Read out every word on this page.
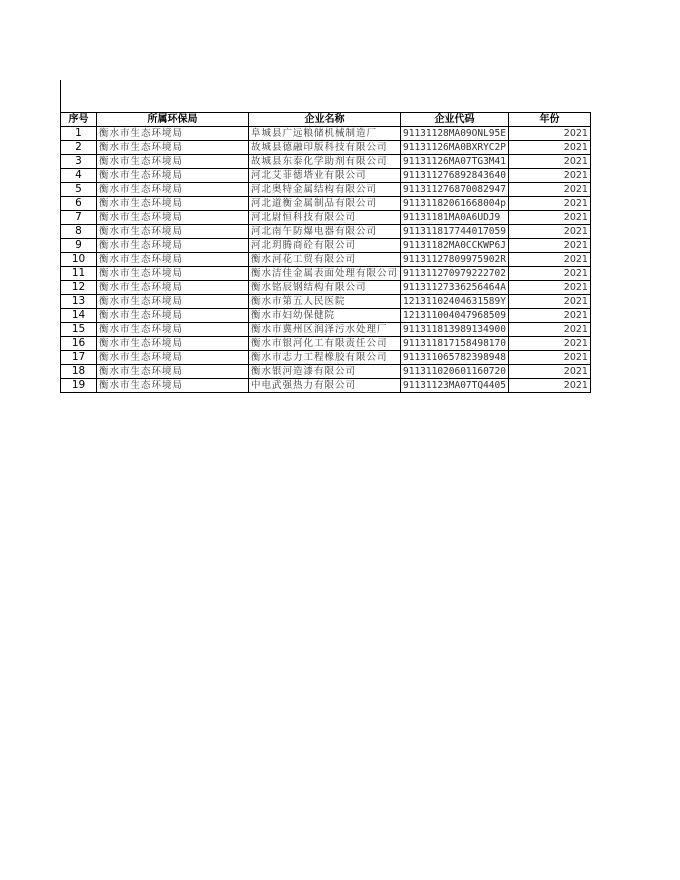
序号	所属环保局	企业名称	企业代码	年份
1	衡水市生态环境局	阜城县广远粮储机械制造厂	91131128MA09ONL95E	2021
2	衡水市生态环境局	故城县德融印版科技有限公司	91131126MA0BXRYC2P	2021
3	衡水市生态环境局	故城县东泰化学助剂有限公司	91131126MA07TG3M41	2021
4	衡水市生态环境局	河北艾菲德塔业有限公司	911311276892843640	2021
5	衡水市生态环境局	河北奥特金属结构有限公司	911311276870082947	2021
6	衡水市生态环境局	河北道衡金属制品有限公司	91131182061668004p	2021
7	衡水市生态环境局	河北尉恒科技有限公司	91131181MA0A6UDJ9	2021
8	衡水市生态环境局	河北南午防爆电器有限公司	911311817744017059	2021
9	衡水市生态环境局	河北玥腾商砼有限公司	91131182MA0CCKWP6J	2021
10	衡水市生态环境局	衡水河花工贸有限公司	91131127809975902R	2021
11	衡水市生态环境局	衡水洁佳金属表面处理有限公司	911311270979222702	2021
12	衡水市生态环境局	衡水铭辰钢结构有限公司	91131127336256464A	2021
13	衡水市生态环境局	衡水市第五人民医院	12131102404631589Y	2021
14	衡水市生态环境局	衡水市妇幼保健院	121311004047968509	2021
15	衡水市生态环境局	衡水市冀州区润泽污水处理厂	911311813989134900	2021
16	衡水市生态环境局	衡水市银河化工有限责任公司	911311817158498170	2021
17	衡水市生态环境局	衡水市志力工程橡胶有限公司	911311065782398948	2021
18	衡水市生态环境局	衡水银河造漆有限公司	911311020601160720	2021
19	衡水市生态环境局	中电武强热力有限公司	91131123MA07TQ4405	2021
